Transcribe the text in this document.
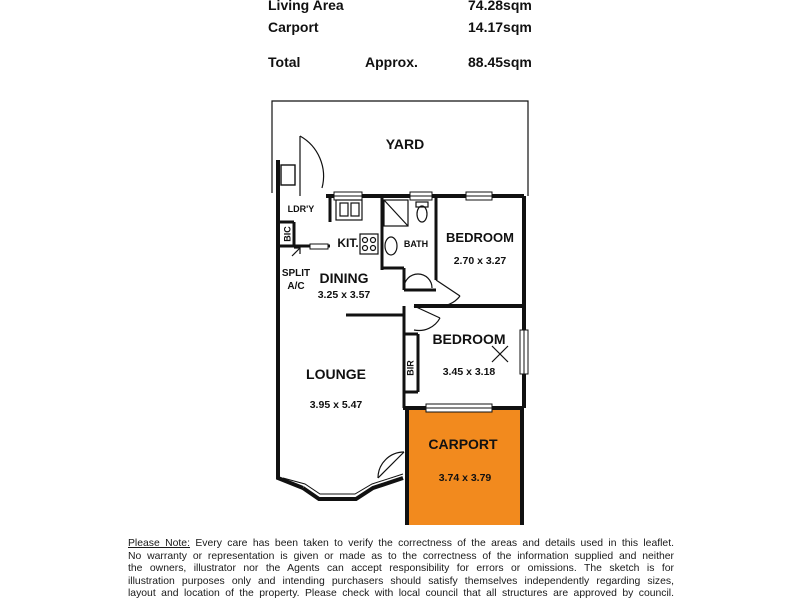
Living Area	74.28sqm
Carport	14.17sqm
Total	Approx.	88.45sqm
YARD
LDR'Y
BIC
KIT.	BATH BEDROOM
2.70 x 3.27
SPLIT
A/C
DINING
3.25 x 3.57
BEDROOM
3.45 x 3.18
BIR
LOUNGE
3.95 x 5.47
CARPORT
3.74 x 3.79

Please Note: Every care has been taken to verify the correctness of the areas and details used in this leaflet.

No warranty or representation is given or made as to the correctness of the information supplied and neither

the owners, illustrator nor the Agents can accept responsibility for errors or omissions. The sketch is for

illustration purposes only and intending purchasers should satisfy themselves independently regarding sizes,

layout and location of the property. Please check with local council that all structures are approved by council.
